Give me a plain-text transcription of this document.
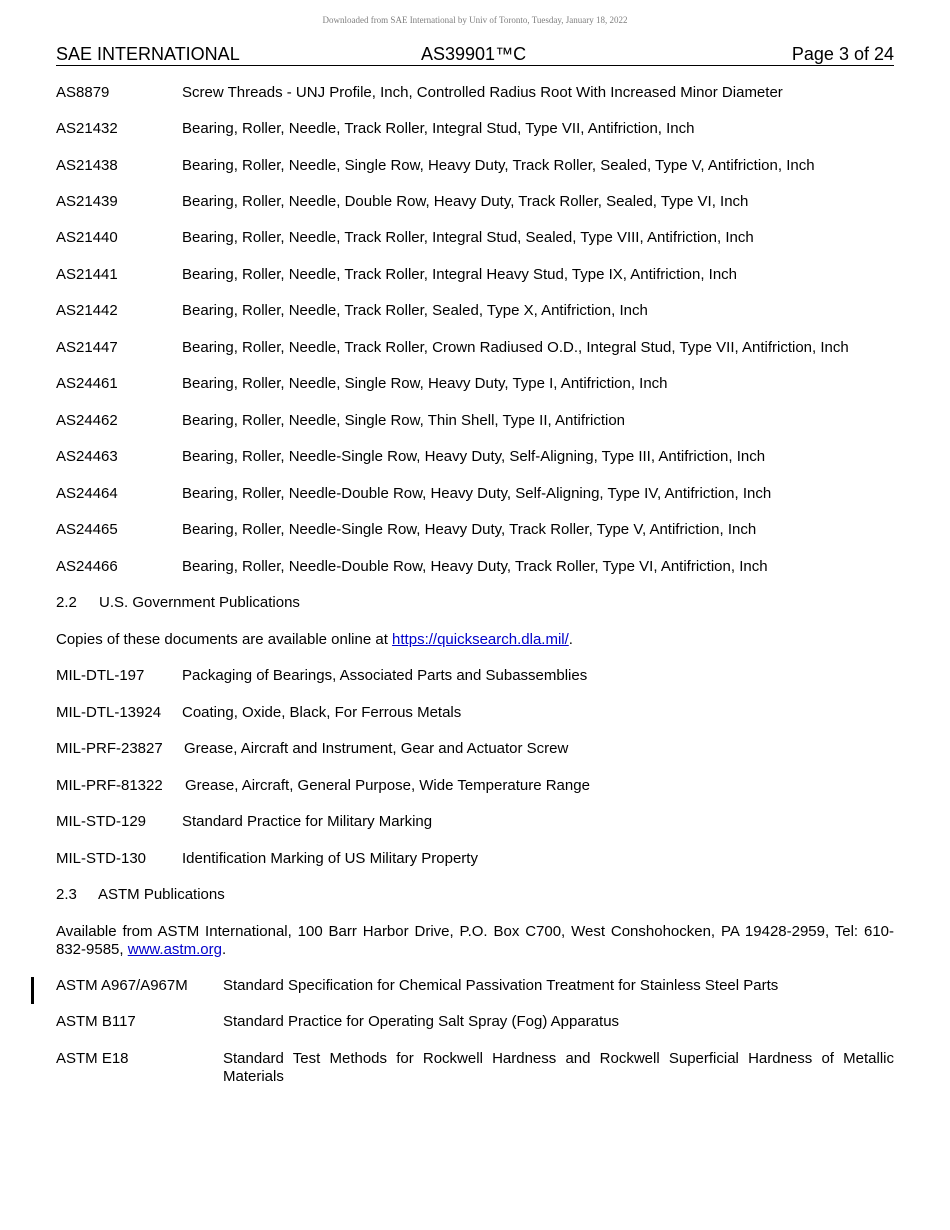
Downloaded from SAE International by Univ of Toronto, Tuesday, January 18, 2022
SAE INTERNATIONAL	AS39901™C	Page 3 of 24
AS8879	Screw Threads - UNJ Profile, Inch, Controlled Radius Root With Increased Minor Diameter
AS21432	Bearing, Roller, Needle, Track Roller, Integral Stud, Type VII, Antifriction, Inch
AS21438	Bearing, Roller, Needle, Single Row, Heavy Duty, Track Roller, Sealed, Type V, Antifriction, Inch
AS21439	Bearing, Roller, Needle, Double Row, Heavy Duty, Track Roller, Sealed, Type VI, Inch
AS21440	Bearing, Roller, Needle, Track Roller, Integral Stud, Sealed, Type VIII, Antifriction, Inch
AS21441	Bearing, Roller, Needle, Track Roller, Integral Heavy Stud, Type IX, Antifriction, Inch
AS21442	Bearing, Roller, Needle, Track Roller, Sealed, Type X, Antifriction, Inch
AS21447	Bearing, Roller, Needle, Track Roller, Crown Radiused O.D., Integral Stud, Type VII, Antifriction, Inch
AS24461	Bearing, Roller, Needle, Single Row, Heavy Duty, Type I, Antifriction, Inch
AS24462	Bearing, Roller, Needle, Single Row, Thin Shell, Type II, Antifriction
AS24463	Bearing, Roller, Needle-Single Row, Heavy Duty, Self-Aligning, Type III, Antifriction, Inch
AS24464	Bearing, Roller, Needle-Double Row, Heavy Duty, Self-Aligning, Type IV, Antifriction, Inch
AS24465	Bearing, Roller, Needle-Single Row, Heavy Duty, Track Roller, Type V, Antifriction, Inch
AS24466	Bearing, Roller, Needle-Double Row, Heavy Duty, Track Roller, Type VI, Antifriction, Inch
2.2 U.S. Government Publications
Copies of these documents are available online at https://quicksearch.dla.mil/.
MIL-DTL-197	Packaging of Bearings, Associated Parts and Subassemblies
MIL-DTL-13924 Coating, Oxide, Black, For Ferrous Metals
MIL-PRF-23827 Grease, Aircraft and Instrument, Gear and Actuator Screw
MIL-PRF-81322 Grease, Aircraft, General Purpose, Wide Temperature Range
MIL-STD-129 Standard Practice for Military Marking
MIL-STD-130 Identification Marking of US Military Property
2.3 ASTM Publications
Available from ASTM International, 100 Barr Harbor Drive, P.O. Box C700, West Conshohocken, PA 19428-2959, Tel: 610-832-9585, www.astm.org.
ASTM A967/A967M Standard Specification for Chemical Passivation Treatment for Stainless Steel Parts
ASTM B117	Standard Practice for Operating Salt Spray (Fog) Apparatus
ASTM E18	Standard Test Methods for Rockwell Hardness and Rockwell Superficial Hardness of Metallic Materials
